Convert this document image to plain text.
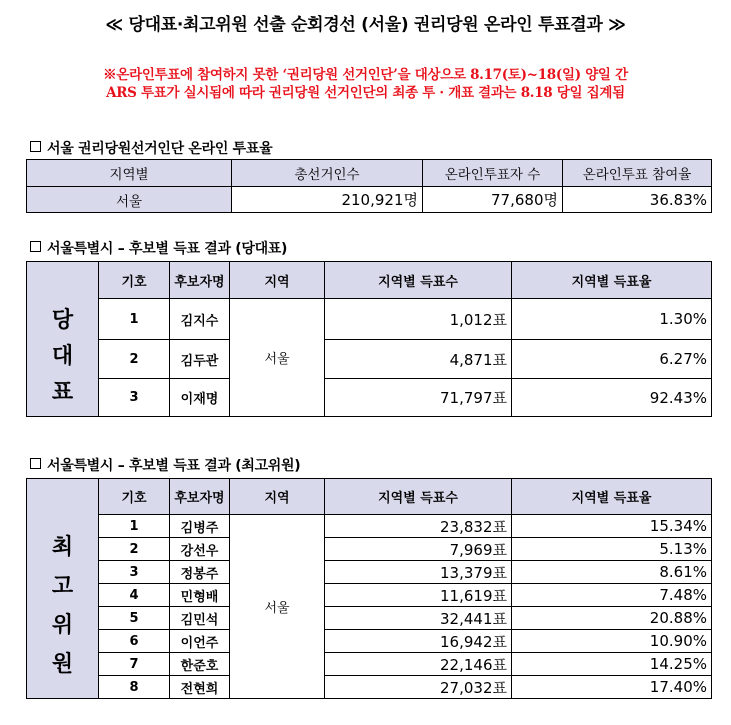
≪ 당대표·최고위원 선출 순회경선 (서울) 권리당원 온라인 투표결과 ≫
※온라인투표에 참여하지 못한 ‘권리당원 선거인단’을 대상으로 8.17(토)~18(일) 양일 간
ARS 투표가 실시됨에 따라 권리당원 선거인단의 최종 투 · 개표 결과는 8.18 당일 집계됨
서울 권리당원선거인단 온라인 투표율
지역별	총선거인수	온라인투표자 수	온라인투표 참여율
서울	210,921명	77,680명	36.83%
서울특별시 – 후보별 득표 결과 (당대표)
	기호	후보자명	지역	지역별 득표수	지역별 득표율

당
대
표	1	김지수	서울	1,012표	1.30%
	2	김두관		4,871표	6.27%
	3	이재명		71,797표	92.43%
서울특별시 – 후보별 득표 결과 (최고위원)
	기호	후보자명	지역	지역별 득표수	지역별 득표율

최
고
위
원	1	김병주	서울	23,832표	15.34%
	2	강선우		7,969표	5.13%
	3	정봉주		13,379표	8.61%
	4	민형배		11,619표	7.48%
	5	김민석		32,441표	20.88%
	6	이언주		16,942표	10.90%
	7	한준호		22,146표	14.25%
	8	전현희		27,032표	17.40%
